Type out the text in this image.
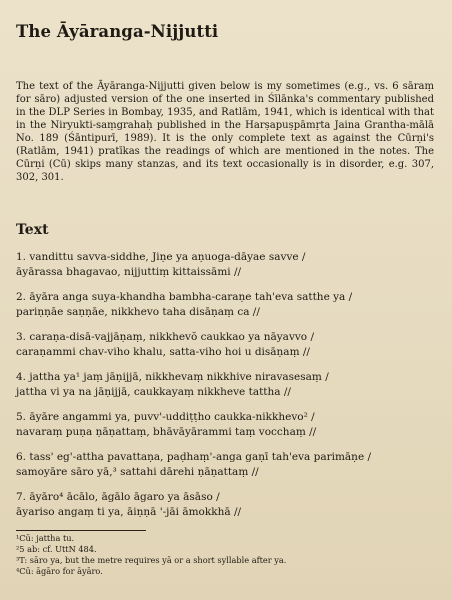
The Āyāranga-Nijjutti

The text of the Āyāranga-Nijjutti given below is my sometimes (e.g., vs. 6 sāraṃ for sāro) adjusted version of the one inserted in Śīlānka's commentary published in the DLP Series in Bombay, 1935, and Ratlām, 1941, which is identical with that in the Niryukti-saṃgrahaḥ published in the Harṣapuṣpāmṛta Jaina Grantha-mālā No. 189 (Śāntipurī, 1989). It is the only complete text as against the Cūrṇi's (Ratlām, 1941) pratīkas the readings of which are mentioned in the notes. The Cūrṇi (Cū) skips many stanzas, and its text occasionally is in disorder, e.g. 307, 302, 301.

Text
1. vandittu savva-siddhe, Jiṇe ya aṇuoga-dāyae savve /
āyārassa bhagavao, nijjuttiṃ kittaissāmi //
2. āyāra anga suya-khandha bambha-caraṇe tah'eva satthe ya /
pariṇṇāe saṇṇāe, nikkhevo taha disāṇaṃ ca //
3. caraṇa-disā-vajjāṇaṃ, nikkhevŏ caukkao ya nāyavvo /
caraṇammi chav-viho khalu, satta-viho hoi u disāṇaṃ //
4. jattha ya¹ jaṃ jāṇijjā, nikkhevaṃ nikkhive niravasesaṃ /
jattha vi ya na jāṇijjā, caukkayaṃ nikkheve tattha //
5. āyāre angammi ya, puvv'-uddiṭṭho caukka-nikkhevo² /
navaraṃ puṇa ṇāṇattaṃ, bhāvāyārammi taṃ vocchaṃ //
6. tass' eg'-attha pavattaṇa, paḍhaṃ'-anga gaṇī tah'eva parimāṇe /
samoyāre sāro yā,³ sattahi dārehi ṇāṇattaṃ //
7. āyāro⁴ ācālo, āgālo āgaro ya āsāso /
āyariso angaṃ ti ya, āiṇṇā '-jāi āmokkhā //
¹Cū: jattha tu.
²5 ab: cf. UttN 484.
³T: sāro ya, but the metre requires yā or a short syllable after ya.
⁴Cū: āgāro for āyāro.
